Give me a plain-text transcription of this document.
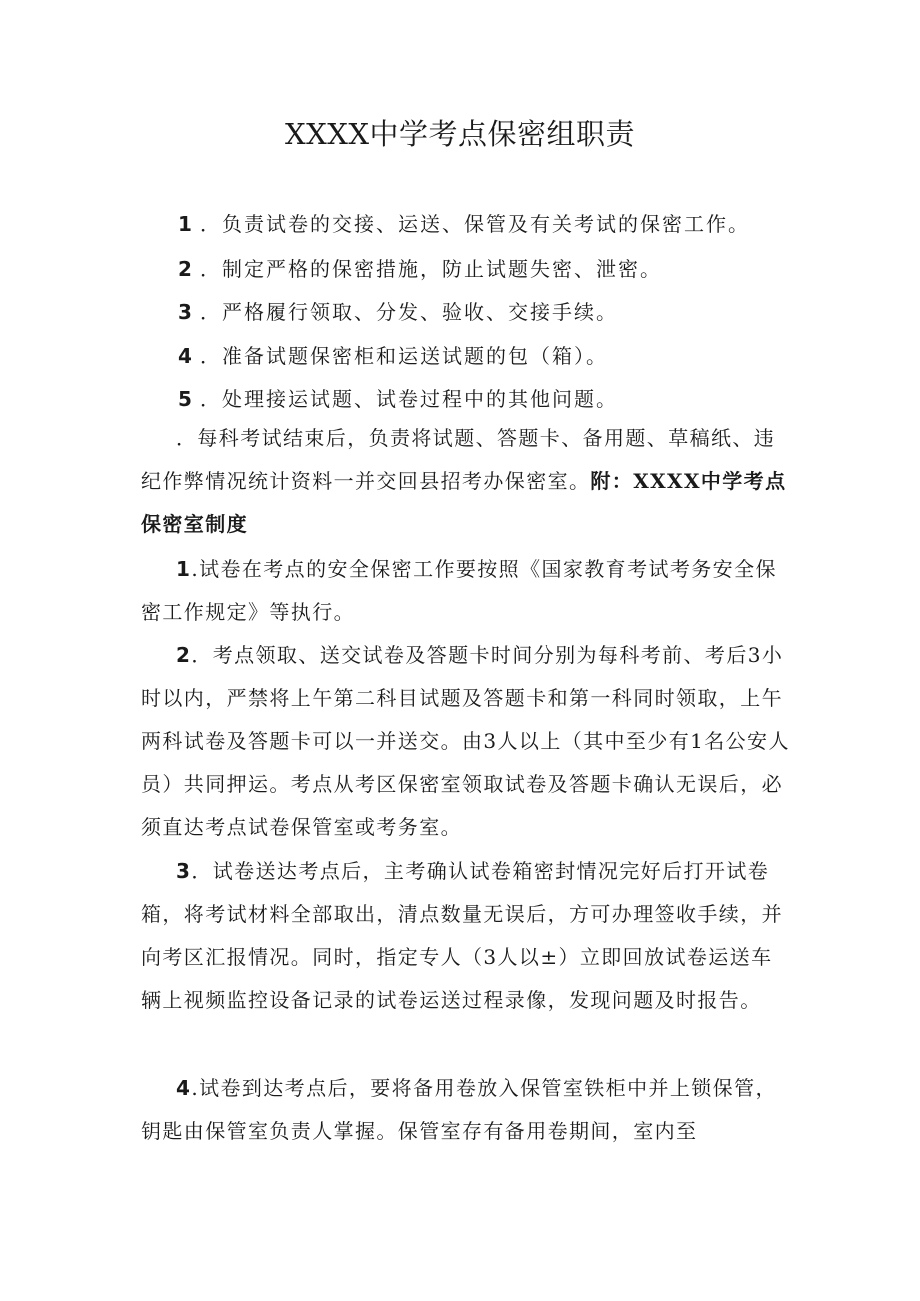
XXXX中学考点保密组职责
1 ．负责试卷的交接、运送、保管及有关考试的保密工作。
2 ．制定严格的保密措施，防止试题失密、泄密。
3 ．严格履行领取、分发、验收、交接手续。
4 ．准备试题保密柜和运送试题的包（箱）。
5 ．处理接运试题、试卷过程中的其他问题。

．每科考试结束后，负责将试题、答题卡、备用题、草稿纸、违纪作弊情况统计资料一并交回县招考办保密室。附：XXXX中学考点保密室制度

1.试卷在考点的安全保密工作要按照《国家教育考试考务安全保密工作规定》等执行。

2．考点领取、送交试卷及答题卡时间分别为每科考前、考后3小时以内，严禁将上午第二科目试题及答题卡和第一科同时领取，上午两科试卷及答题卡可以一并送交。由3人以上（其中至少有1名公安人员）共同押运。考点从考区保密室领取试卷及答题卡确认无误后，必须直达考点试卷保管室或考务室。

3．试卷送达考点后，主考确认试卷箱密封情况完好后打开试卷箱，将考试材料全部取出，清点数量无误后，方可办理签收手续，并向考区汇报情况。同时，指定专人（3人以±）立即回放试卷运送车辆上视频监控设备记录的试卷运送过程录像，发现问题及时报告。

4.试卷到达考点后，要将备用卷放入保管室铁柜中并上锁保管，钥匙由保管室负责人掌握。保管室存有备用卷期间，室内至
